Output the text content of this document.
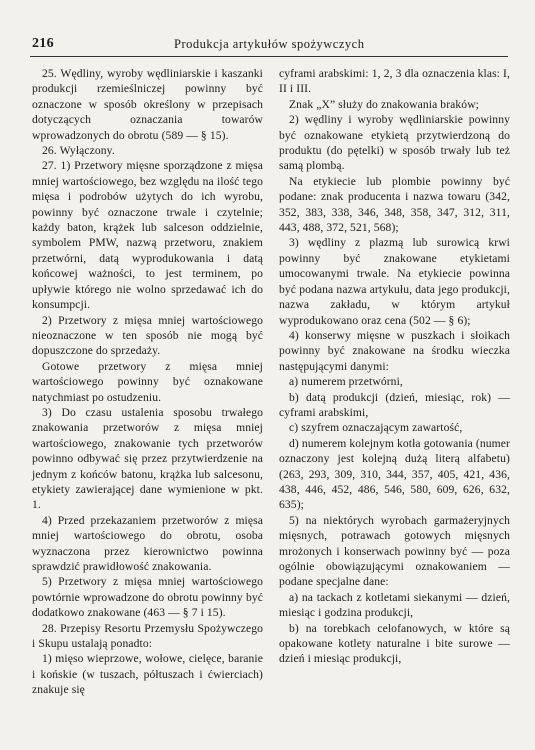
216	Produkcja artykułów spożywczych

25. Wędliny, wyroby wędliniarskie i kaszanki produkcji rzemieślniczej powinny być oznaczone w sposób określony w przepisach dotyczących oznaczania towarów wprowadzonych do obrotu (589 — § 15).

26. Wyłączony.

27. 1) Przetwory mięsne sporządzone z mięsa mniej wartościowego, bez względu na ilość tego mięsa i podrobów użytych do ich wyrobu, powinny być oznaczone trwale i czytelnie; każdy baton, krążek lub salceson oddzielnie, symbolem PMW, nazwą przetworu, znakiem przetwórni, datą wyprodukowania i datą końcowej ważności, to jest terminem, po upływie którego nie wolno sprzedawać ich do konsumpcji.

2) Przetwory z mięsa mniej wartościowego nieoznaczone w ten sposób nie mogą być dopuszczone do sprzedaży.

Gotowe przetwory z mięsa mniej wartościowego powinny być oznakowane natychmiast po ostudzeniu.

3) Do czasu ustalenia sposobu trwałego znakowania przetworów z mięsa mniej wartościowego, znakowanie tych przetworów powinno odbywać się przez przytwierdzenie na jednym z końców batonu, krążka lub salcesonu, etykiety zawierającej dane wymienione w pkt. 1.

4) Przed przekazaniem przetworów z mięsa mniej wartościowego do obrotu, osoba wyznaczona przez kierownictwo powinna sprawdzić prawidłowość znakowania.

5) Przetwory z mięsa mniej wartościowego powtórnie wprowadzone do obrotu powinny być dodatkowo znakowane (463 — § 7 i 15).

28. Przepisy Resortu Przemysłu Spożywczego i Skupu ustalają ponadto:

1) mięso wieprzowe, wołowe, cielęce, baranie i końskie (w tuszach, półtuszach i ćwierciach) znakuje się

cyframi arabskimi: 1, 2, 3 dla oznaczenia klas: I, II i III.

Znak „X” służy do znakowania braków;

2) wędliny i wyroby wędliniarskie powinny być oznakowane etykietą przytwierdzoną do produktu (do pętelki) w sposób trwały lub też samą plombą.

Na etykiecie lub plombie powinny być podane: znak producenta i nazwa towaru (342, 352, 383, 338, 346, 348, 358, 347, 312, 311, 443, 488, 372, 521, 568);

3) wędliny z plazmą lub surowicą krwi powinny być znakowane etykietami umocowanymi trwale. Na etykiecie powinna być podana nazwa artykułu, data jego produkcji, nazwa zakładu, w którym artykuł wyprodukowano oraz cena (502 — § 6);

4) konserwy mięsne w puszkach i słoikach powinny być znakowane na środku wieczka następującymi danymi:

a) numerem przetwórni,

b) datą produkcji (dzień, miesiąc, rok) — cyframi arabskimi,

c) szyfrem oznaczającym zawartość,

d) numerem kolejnym kotła gotowania (numer oznaczony jest kolejną dużą literą alfabetu) (263, 293, 309, 310, 344, 357, 405, 421, 436, 438, 446, 452, 486, 546, 580, 609, 626, 632, 635);

5) na niektórych wyrobach garmażeryjnych mięsnych, potrawach gotowych mięsnych mrożonych i konserwach powinny być — poza ogólnie obowiązującymi oznakowaniem — podane specjalne dane:

a) na tackach z kotletami siekanymi — dzień, miesiąc i godzina produkcji,

b) na torebkach celofanowych, w które są opakowane kotlety naturalne i bite surowe — dzień i miesiąc produkcji,
